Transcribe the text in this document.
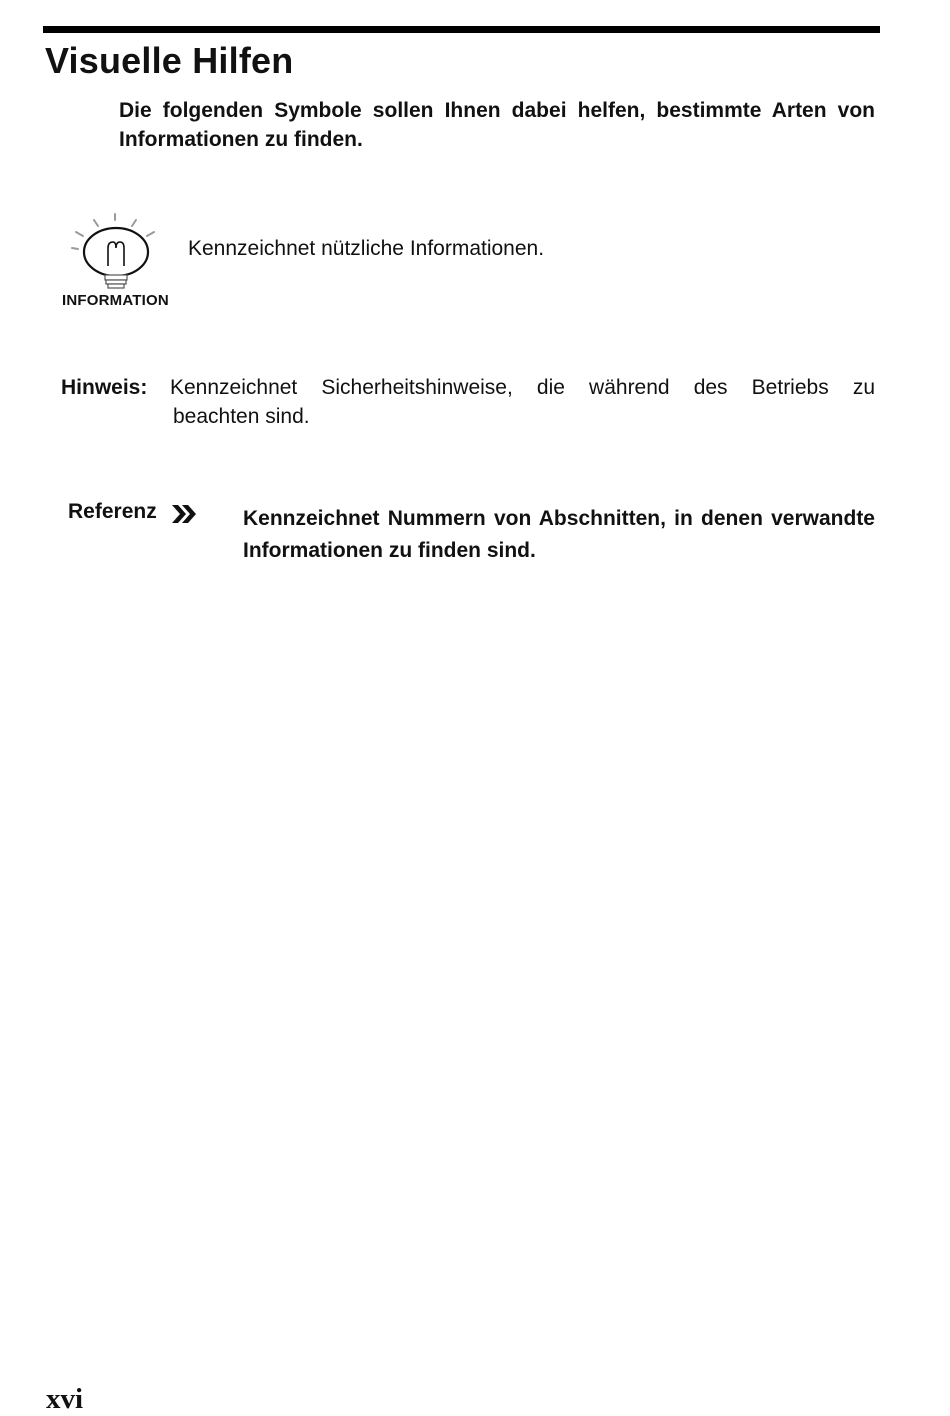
Visuelle Hilfen

Die folgenden Symbole sollen Ihnen dabei helfen, bestimmte Arten von Informationen zu finden.

INFORMATION

Kennzeichnet nützliche Informationen.

Hinweis: Kennzeichnet Sicherheitshinweise, die während des Betriebs zu
beachten sind.
Referenz	Kennzeichnet Nummern von Abschnitten, in denen verwandte Informationen zu finden sind.

xvi
